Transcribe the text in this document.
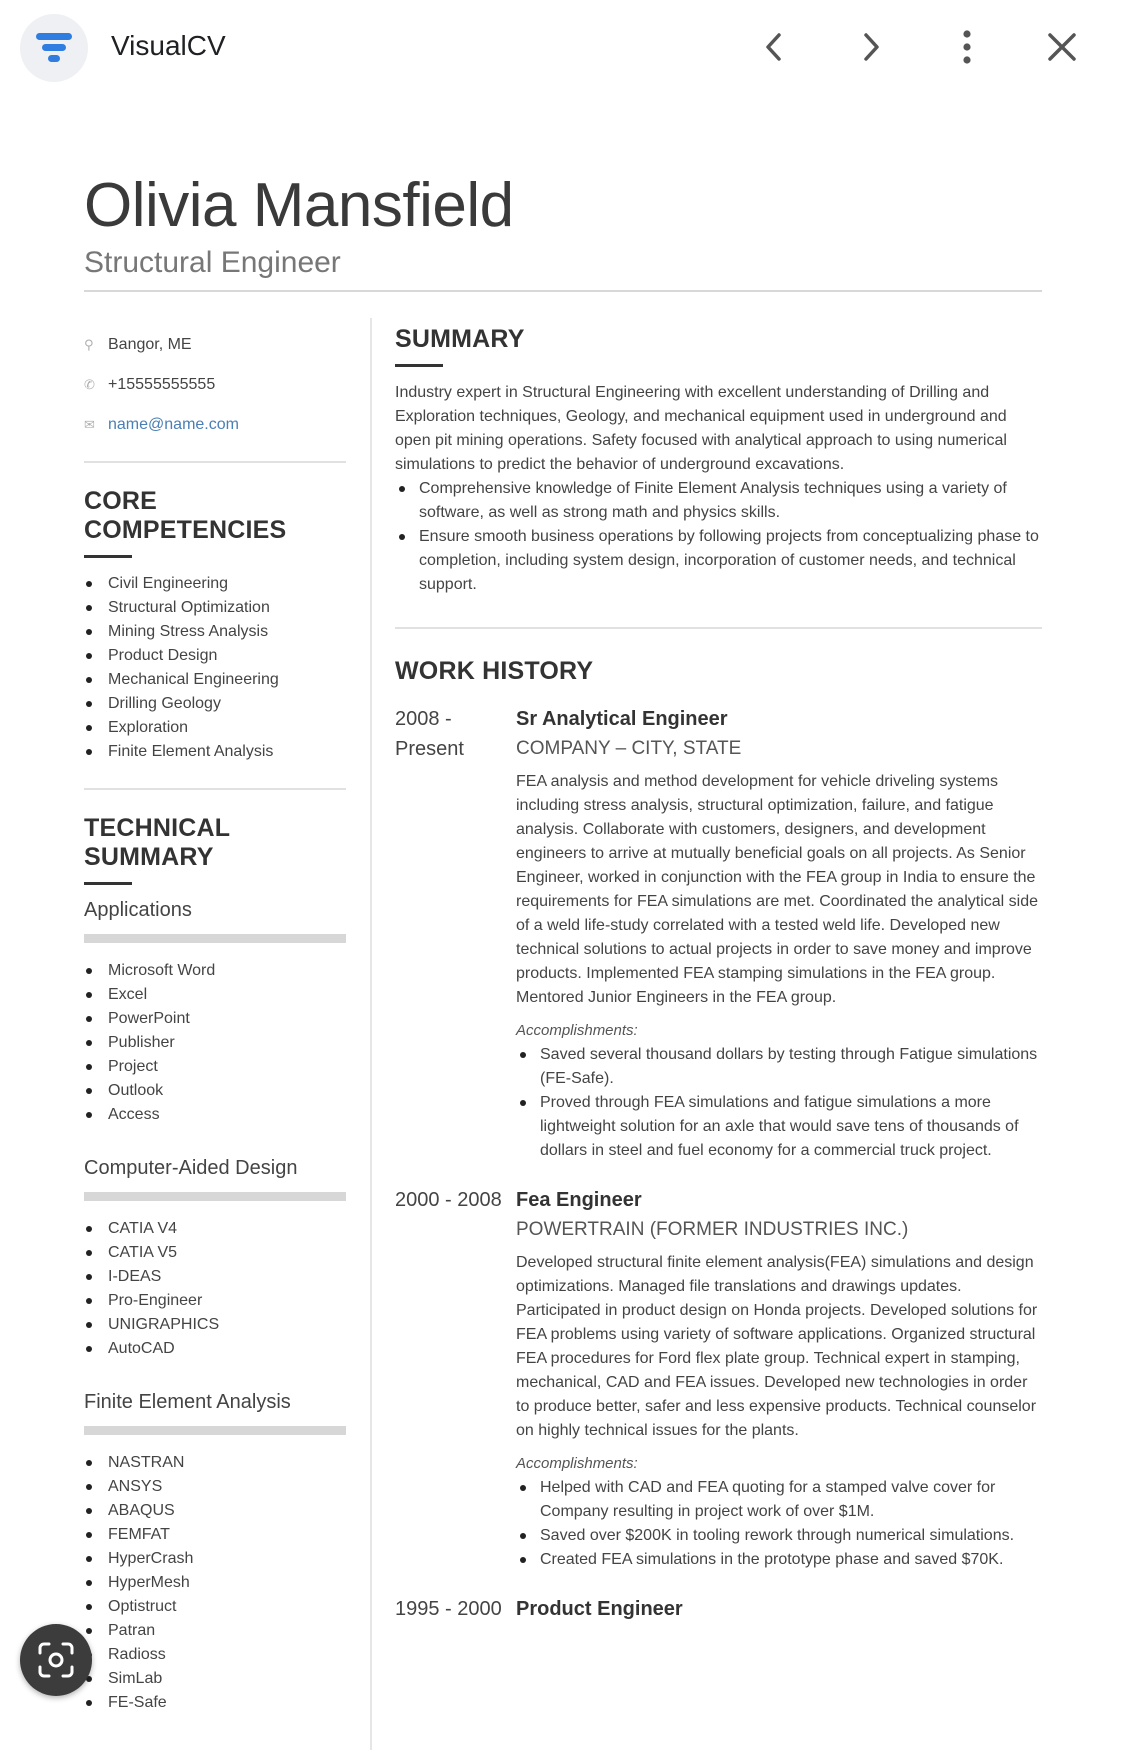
VisualCV
Olivia Mansfield
Structural Engineer
⚲ Bangor, ME
✆ +15555555555
✉ name@name.com
CORE COMPETENCIES
Civil Engineering
Structural Optimization
Mining Stress Analysis
Product Design
Mechanical Engineering
Drilling Geology
Exploration
Finite Element Analysis
TECHNICAL SUMMARY
Applications
Microsoft Word
Excel
PowerPoint
Publisher
Project
Outlook
Access
Computer-Aided Design
CATIA V4
CATIA V5
I-DEAS
Pro-Engineer
UNIGRAPHICS
AutoCAD
Finite Element Analysis
NASTRAN
ANSYS
ABAQUS
FEMFAT
HyperCrash
HyperMesh
Optistruct
Patran
Radioss
SimLab
FE-Safe
SUMMARY
Industry expert in Structural Engineering with excellent understanding of Drilling and Exploration techniques, Geology, and mechanical equipment used in underground and open pit mining operations. Safety focused with analytical approach to using numerical simulations to predict the behavior of underground excavations.
Comprehensive knowledge of Finite Element Analysis techniques using a variety of software, as well as strong math and physics skills.
Ensure smooth business operations by following projects from conceptualizing phase to completion, including system design, incorporation of customer needs, and technical support.
WORK HISTORY
2008 - Present
Sr Analytical Engineer
COMPANY – CITY, STATE
FEA analysis and method development for vehicle driveling systems including stress analysis, structural optimization, failure, and fatigue analysis. Collaborate with customers, designers, and development engineers to arrive at mutually beneficial goals on all projects. As Senior Engineer, worked in conjunction with the FEA group in India to ensure the requirements for FEA simulations are met. Coordinated the analytical side of a weld life-study correlated with a tested weld life. Developed new technical solutions to actual projects in order to save money and improve products. Implemented FEA stamping simulations in the FEA group. Mentored Junior Engineers in the FEA group.
Accomplishments:
Saved several thousand dollars by testing through Fatigue simulations (FE-Safe).
Proved through FEA simulations and fatigue simulations a more lightweight solution for an axle that would save tens of thousands of dollars in steel and fuel economy for a commercial truck project.
2000 - 2008 Fea Engineer
POWERTRAIN (FORMER INDUSTRIES INC.)
Developed structural finite element analysis(FEA) simulations and design optimizations. Managed file translations and drawings updates. Participated in product design on Honda projects. Developed solutions for FEA problems using variety of software applications. Organized structural FEA procedures for Ford flex plate group. Technical expert in stamping, mechanical, CAD and FEA issues. Developed new technologies in order to produce better, safer and less expensive products. Technical counselor on highly technical issues for the plants.
Accomplishments:
Helped with CAD and FEA quoting for a stamped valve cover for Company resulting in project work of over $1M.
Saved over $200K in tooling rework through numerical simulations.
Created FEA simulations in the prototype phase and saved $70K.
1995 - 2000 Product Engineer
